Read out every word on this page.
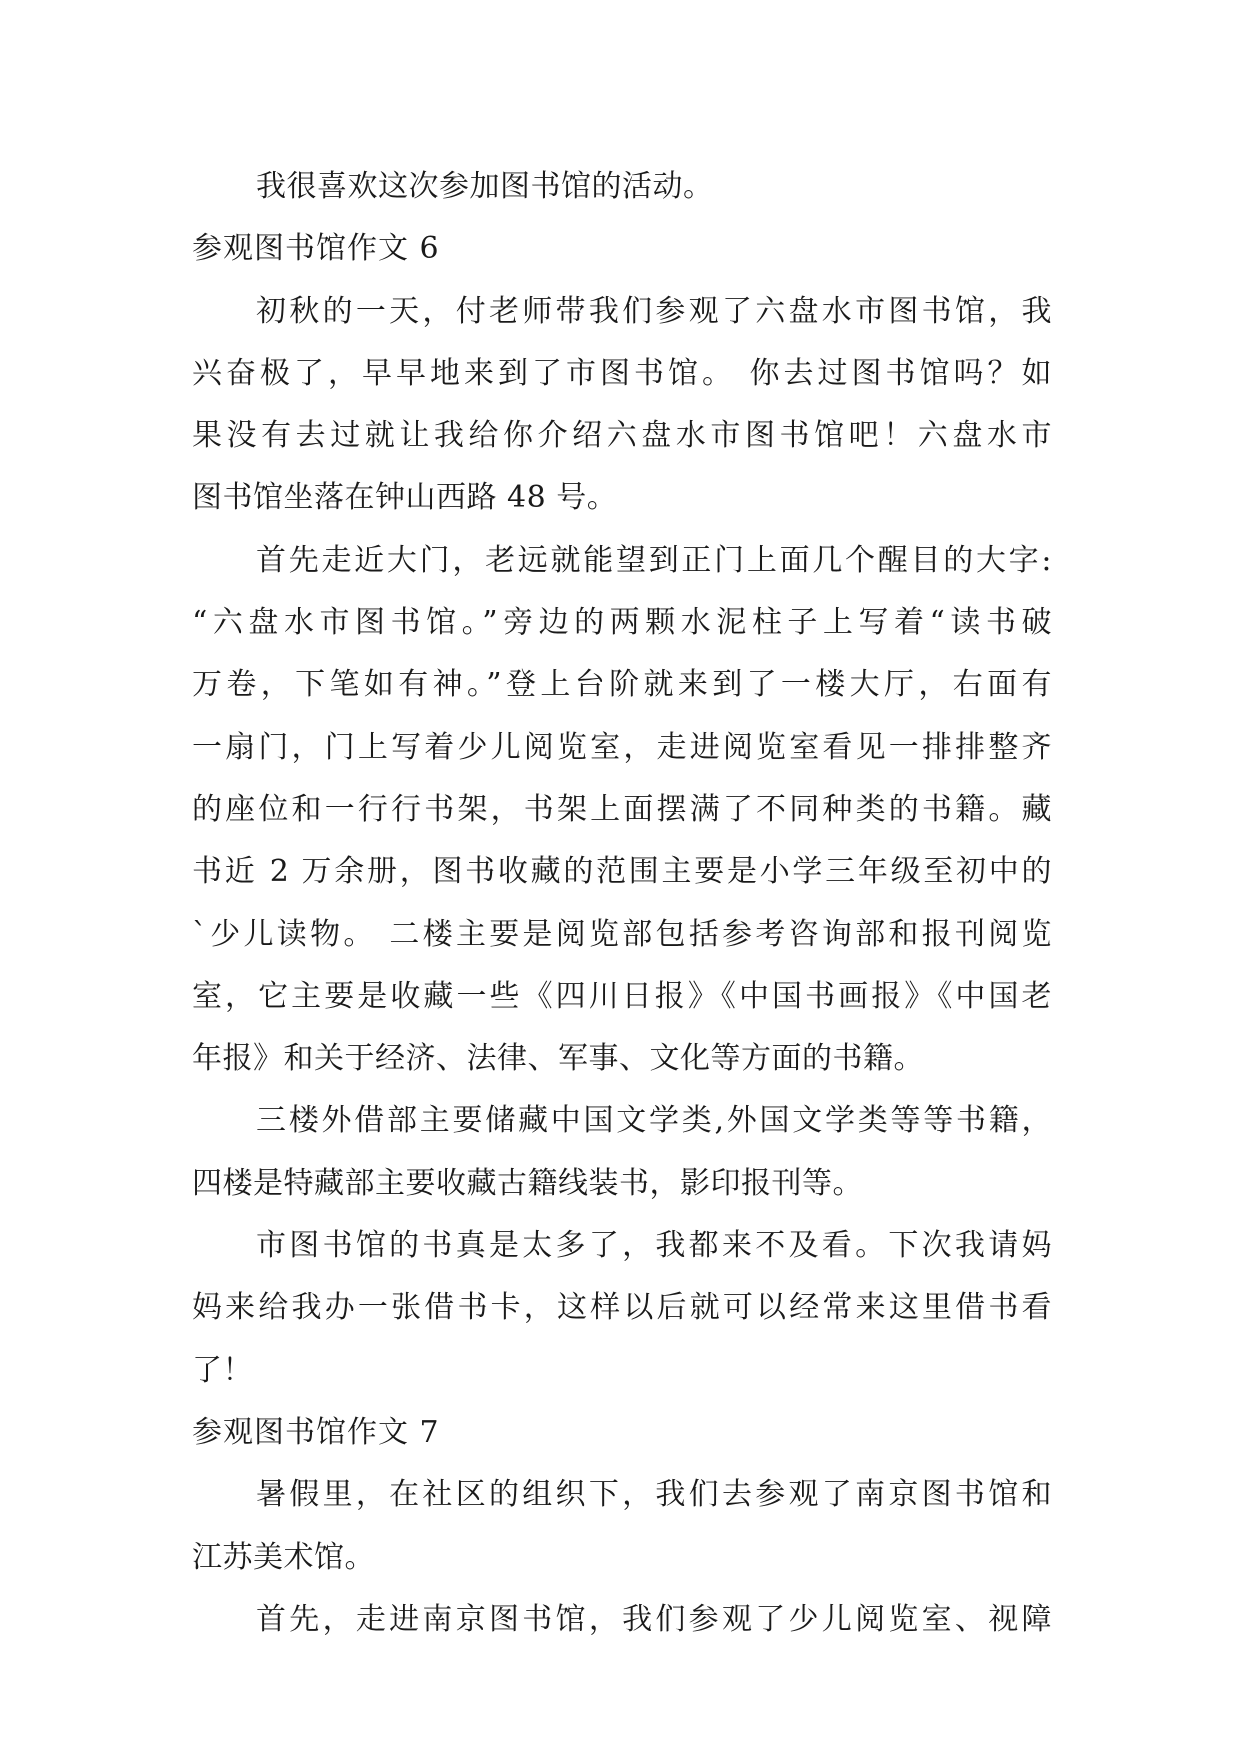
我很喜欢这次参加图书馆的活动。
参观图书馆作文 6
初秋的一天，付老师带我们参观了六盘水市图书馆，我
兴奋极了，早早地来到了市图书馆。 你去过图书馆吗？如
果没有去过就让我给你介绍六盘水市图书馆吧！六盘水市
图书馆坐落在钟山西路 48 号。
首先走近大门，老远就能望到正门上面几个醒目的大字:
“六盘水市图书馆。”旁边的两颗水泥柱子上写着“读书破
万卷，下笔如有神。”登上台阶就来到了一楼大厅，右面有
一扇门，门上写着少儿阅览室，走进阅览室看见一排排整齐
的座位和一行行书架，书架上面摆满了不同种类的书籍。藏
书近 2 万余册，图书收藏的范围主要是小学三年级至初中的
`少儿读物。 二楼主要是阅览部包括参考咨询部和报刊阅览
室，它主要是收藏一些《四川日报》《中国书画报》《中国老
年报》和关于经济、法律、军事、文化等方面的书籍。
三楼外借部主要储藏中国文学类,外国文学类等等书籍，
四楼是特藏部主要收藏古籍线装书，影印报刊等。
市图书馆的书真是太多了，我都来不及看。下次我请妈
妈来给我办一张借书卡，这样以后就可以经常来这里借书看
了！
参观图书馆作文 7
暑假里，在社区的组织下，我们去参观了南京图书馆和
江苏美术馆。
首先，走进南京图书馆，我们参观了少儿阅览室、视障
